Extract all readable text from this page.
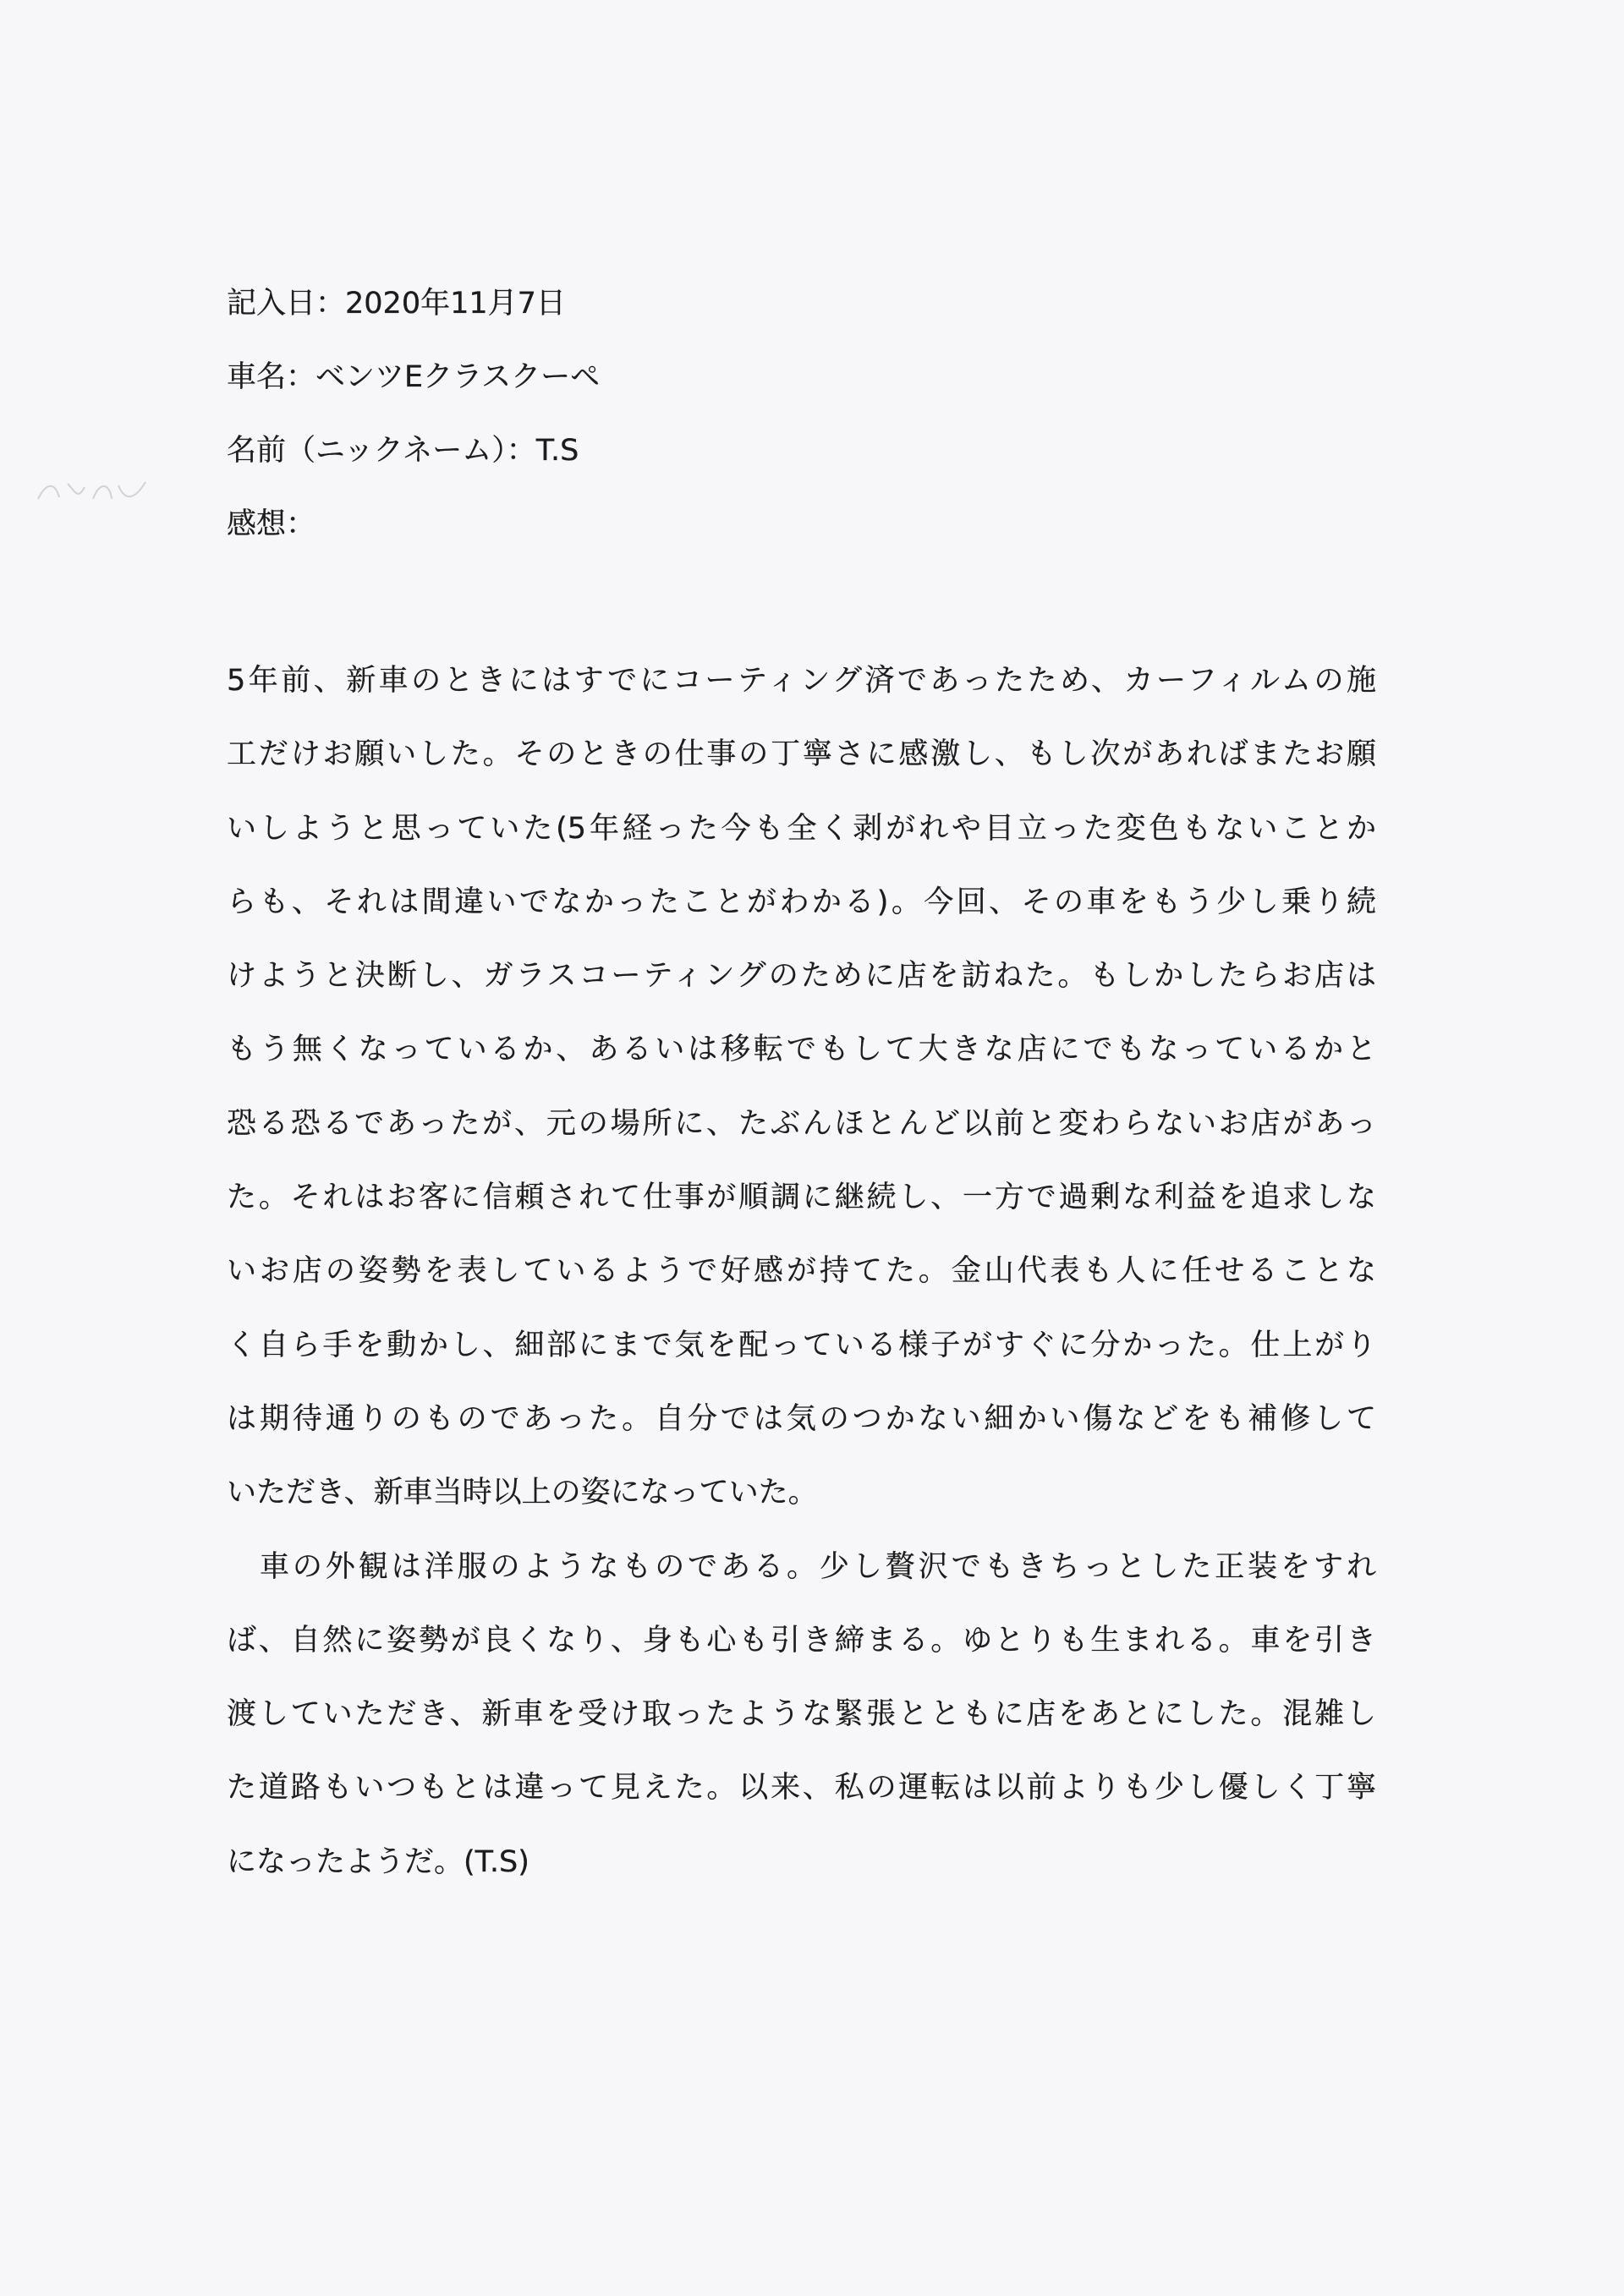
記入日：2020年11月7日
車名：ベンツEクラスクーペ
名前（ニックネーム）：T.S
感想：
5年前、新車のときにはすでにコーティング済であったため、カーフィルムの施
工だけお願いした。そのときの仕事の丁寧さに感激し、もし次があればまたお願
いしようと思っていた(5年経った今も全く剥がれや目立った変色もないことか
らも、それは間違いでなかったことがわかる)。今回、その車をもう少し乗り続
けようと決断し、ガラスコーティングのために店を訪ねた。もしかしたらお店は
もう無くなっているか、あるいは移転でもして大きな店にでもなっているかと
恐る恐るであったが、元の場所に、たぶんほとんど以前と変わらないお店があっ
た。それはお客に信頼されて仕事が順調に継続し、一方で過剰な利益を追求しな
いお店の姿勢を表しているようで好感が持てた。金山代表も人に任せることな
く自ら手を動かし、細部にまで気を配っている様子がすぐに分かった。仕上がり
は期待通りのものであった。自分では気のつかない細かい傷などをも補修して
いただき、新車当時以上の姿になっていた。
　車の外観は洋服のようなものである。少し贅沢でもきちっとした正装をすれ
ば、自然に姿勢が良くなり、身も心も引き締まる。ゆとりも生まれる。車を引き
渡していただき、新車を受け取ったような緊張とともに店をあとにした。混雑し
た道路もいつもとは違って見えた。以来、私の運転は以前よりも少し優しく丁寧
になったようだ。(T.S)
